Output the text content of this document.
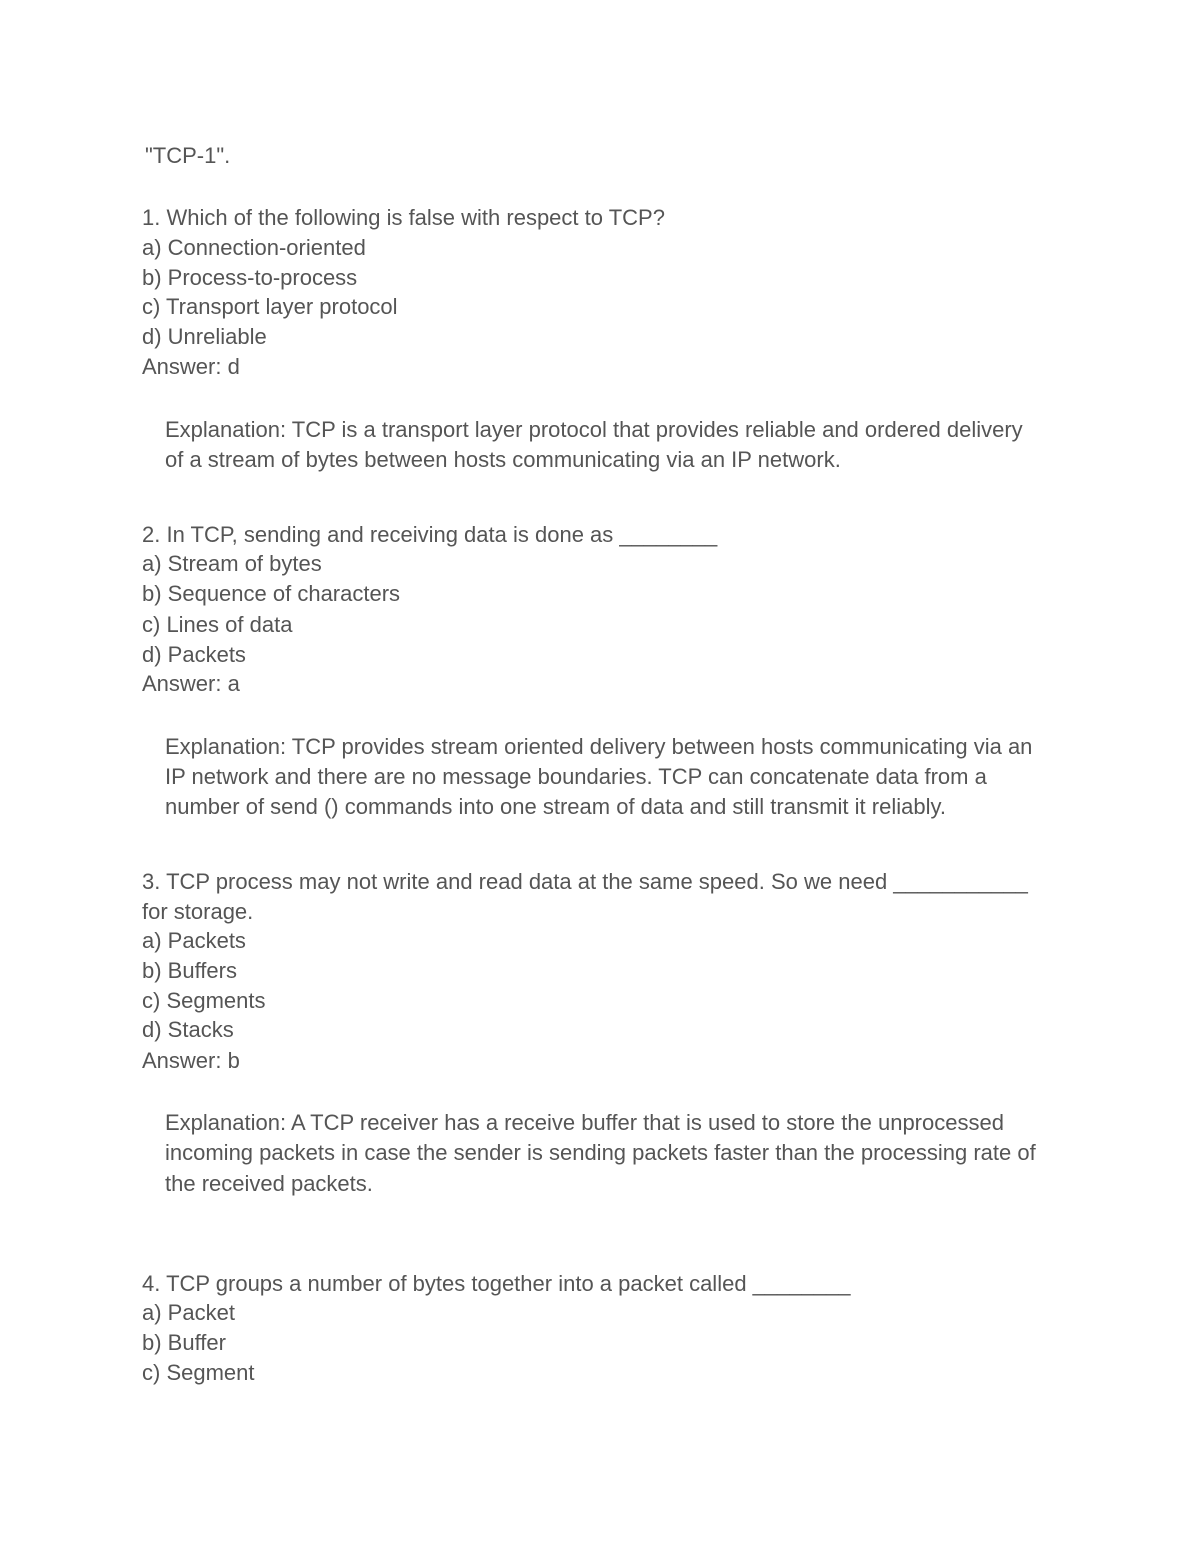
"TCP-1".
1. Which of the following is false with respect to TCP?
a) Connection-oriented
b) Process-to-process
c) Transport layer protocol
d) Unreliable
Answer: d
Explanation: TCP is a transport layer protocol that provides reliable and ordered delivery
of a stream of bytes between hosts communicating via an IP network.
2. In TCP, sending and receiving data is done as ________
a) Stream of bytes
b) Sequence of characters
c) Lines of data
d) Packets
Answer: a
Explanation: TCP provides stream oriented delivery between hosts communicating via an
IP network and there are no message boundaries. TCP can concatenate data from a
number of send () commands into one stream of data and still transmit it reliably.
3. TCP process may not write and read data at the same speed. So we need ___________
for storage.
a) Packets
b) Buffers
c) Segments
d) Stacks
Answer: b
Explanation: A TCP receiver has a receive buffer that is used to store the unprocessed
incoming packets in case the sender is sending packets faster than the processing rate of
the received packets.
4. TCP groups a number of bytes together into a packet called ________
a) Packet
b) Buffer
c) Segment
